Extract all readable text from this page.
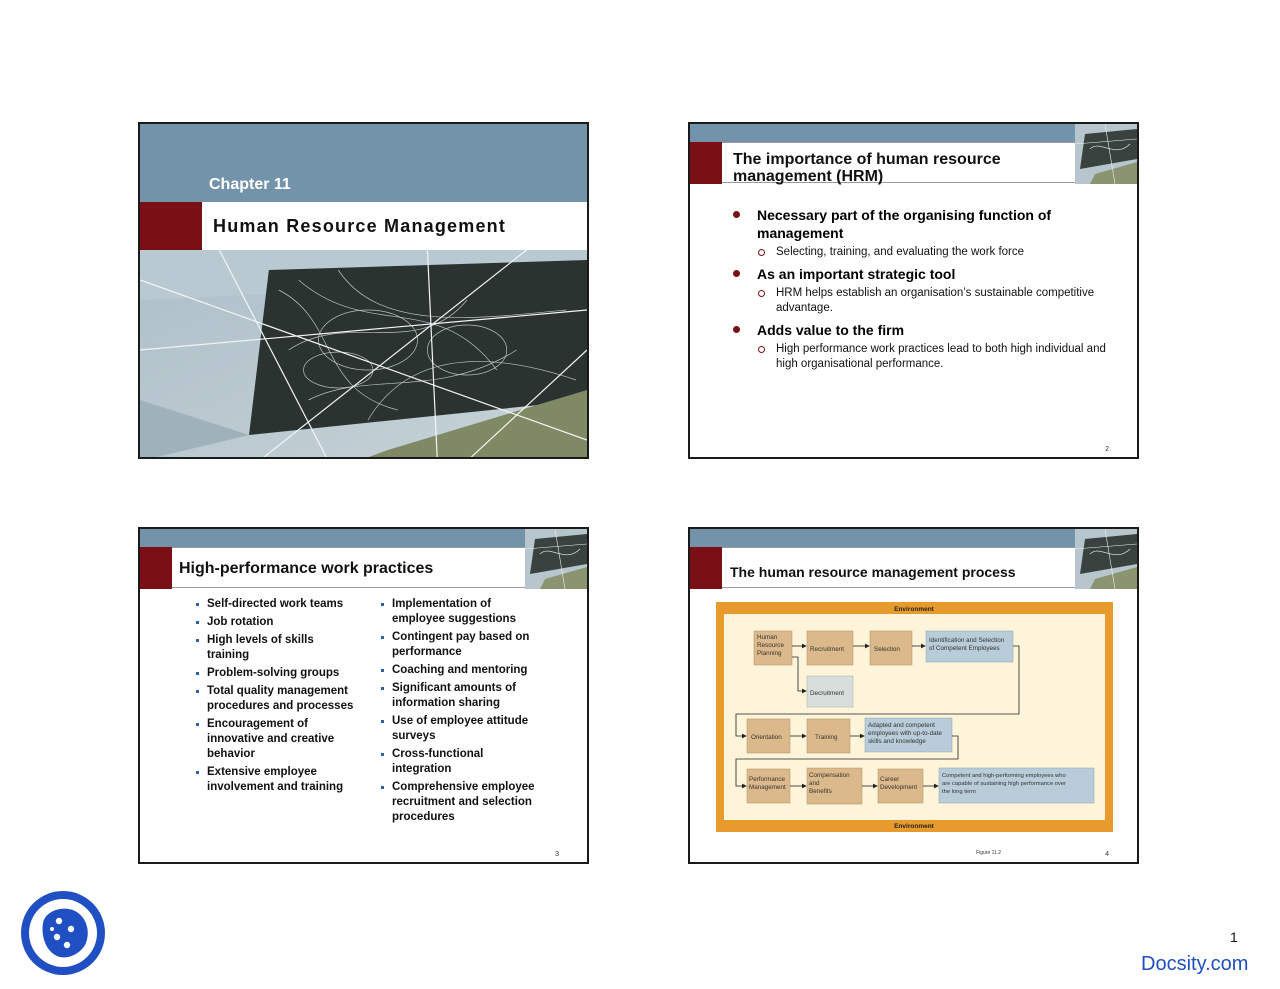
Chapter 11
Human Resource Management
The importance of human resource management (HRM)
Necessary part of the organising function of management
Selecting, training, and evaluating the work force
As an important strategic tool
HRM helps establish an organisation’s sustainable competitive advantage.
Adds value to the firm
High performance work practices lead to both high individual and high organisational performance.
2
High-performance work practices
Self-directed work teams
Job rotation
High levels of skills training
Problem-solving groups
Total quality management procedures and processes
Encouragement of innovative and creative behavior
Extensive employee involvement and training
Implementation of employee suggestions
Contingent pay based on performance
Coaching and mentoring
Significant amounts of information sharing
Use of employee attitude surveys
Cross-functional integration
Comprehensive employee recruitment and selection procedures
3
The human resource management process
Environment
Environment
Human
Resource
Planning
Recruitment	Selection
Identification and Selection
of Competent Employees
Decruitment
Orientation	Training
Adapted and competent
employees with up-to-date
skills and knowledge
Performance
Management
Compensation
and
Benefits
Career
Development
Competent and high-performing employees who
are capable of sustaining high performance over
the long term
Figure 11.2	4
1
Docsity.com
